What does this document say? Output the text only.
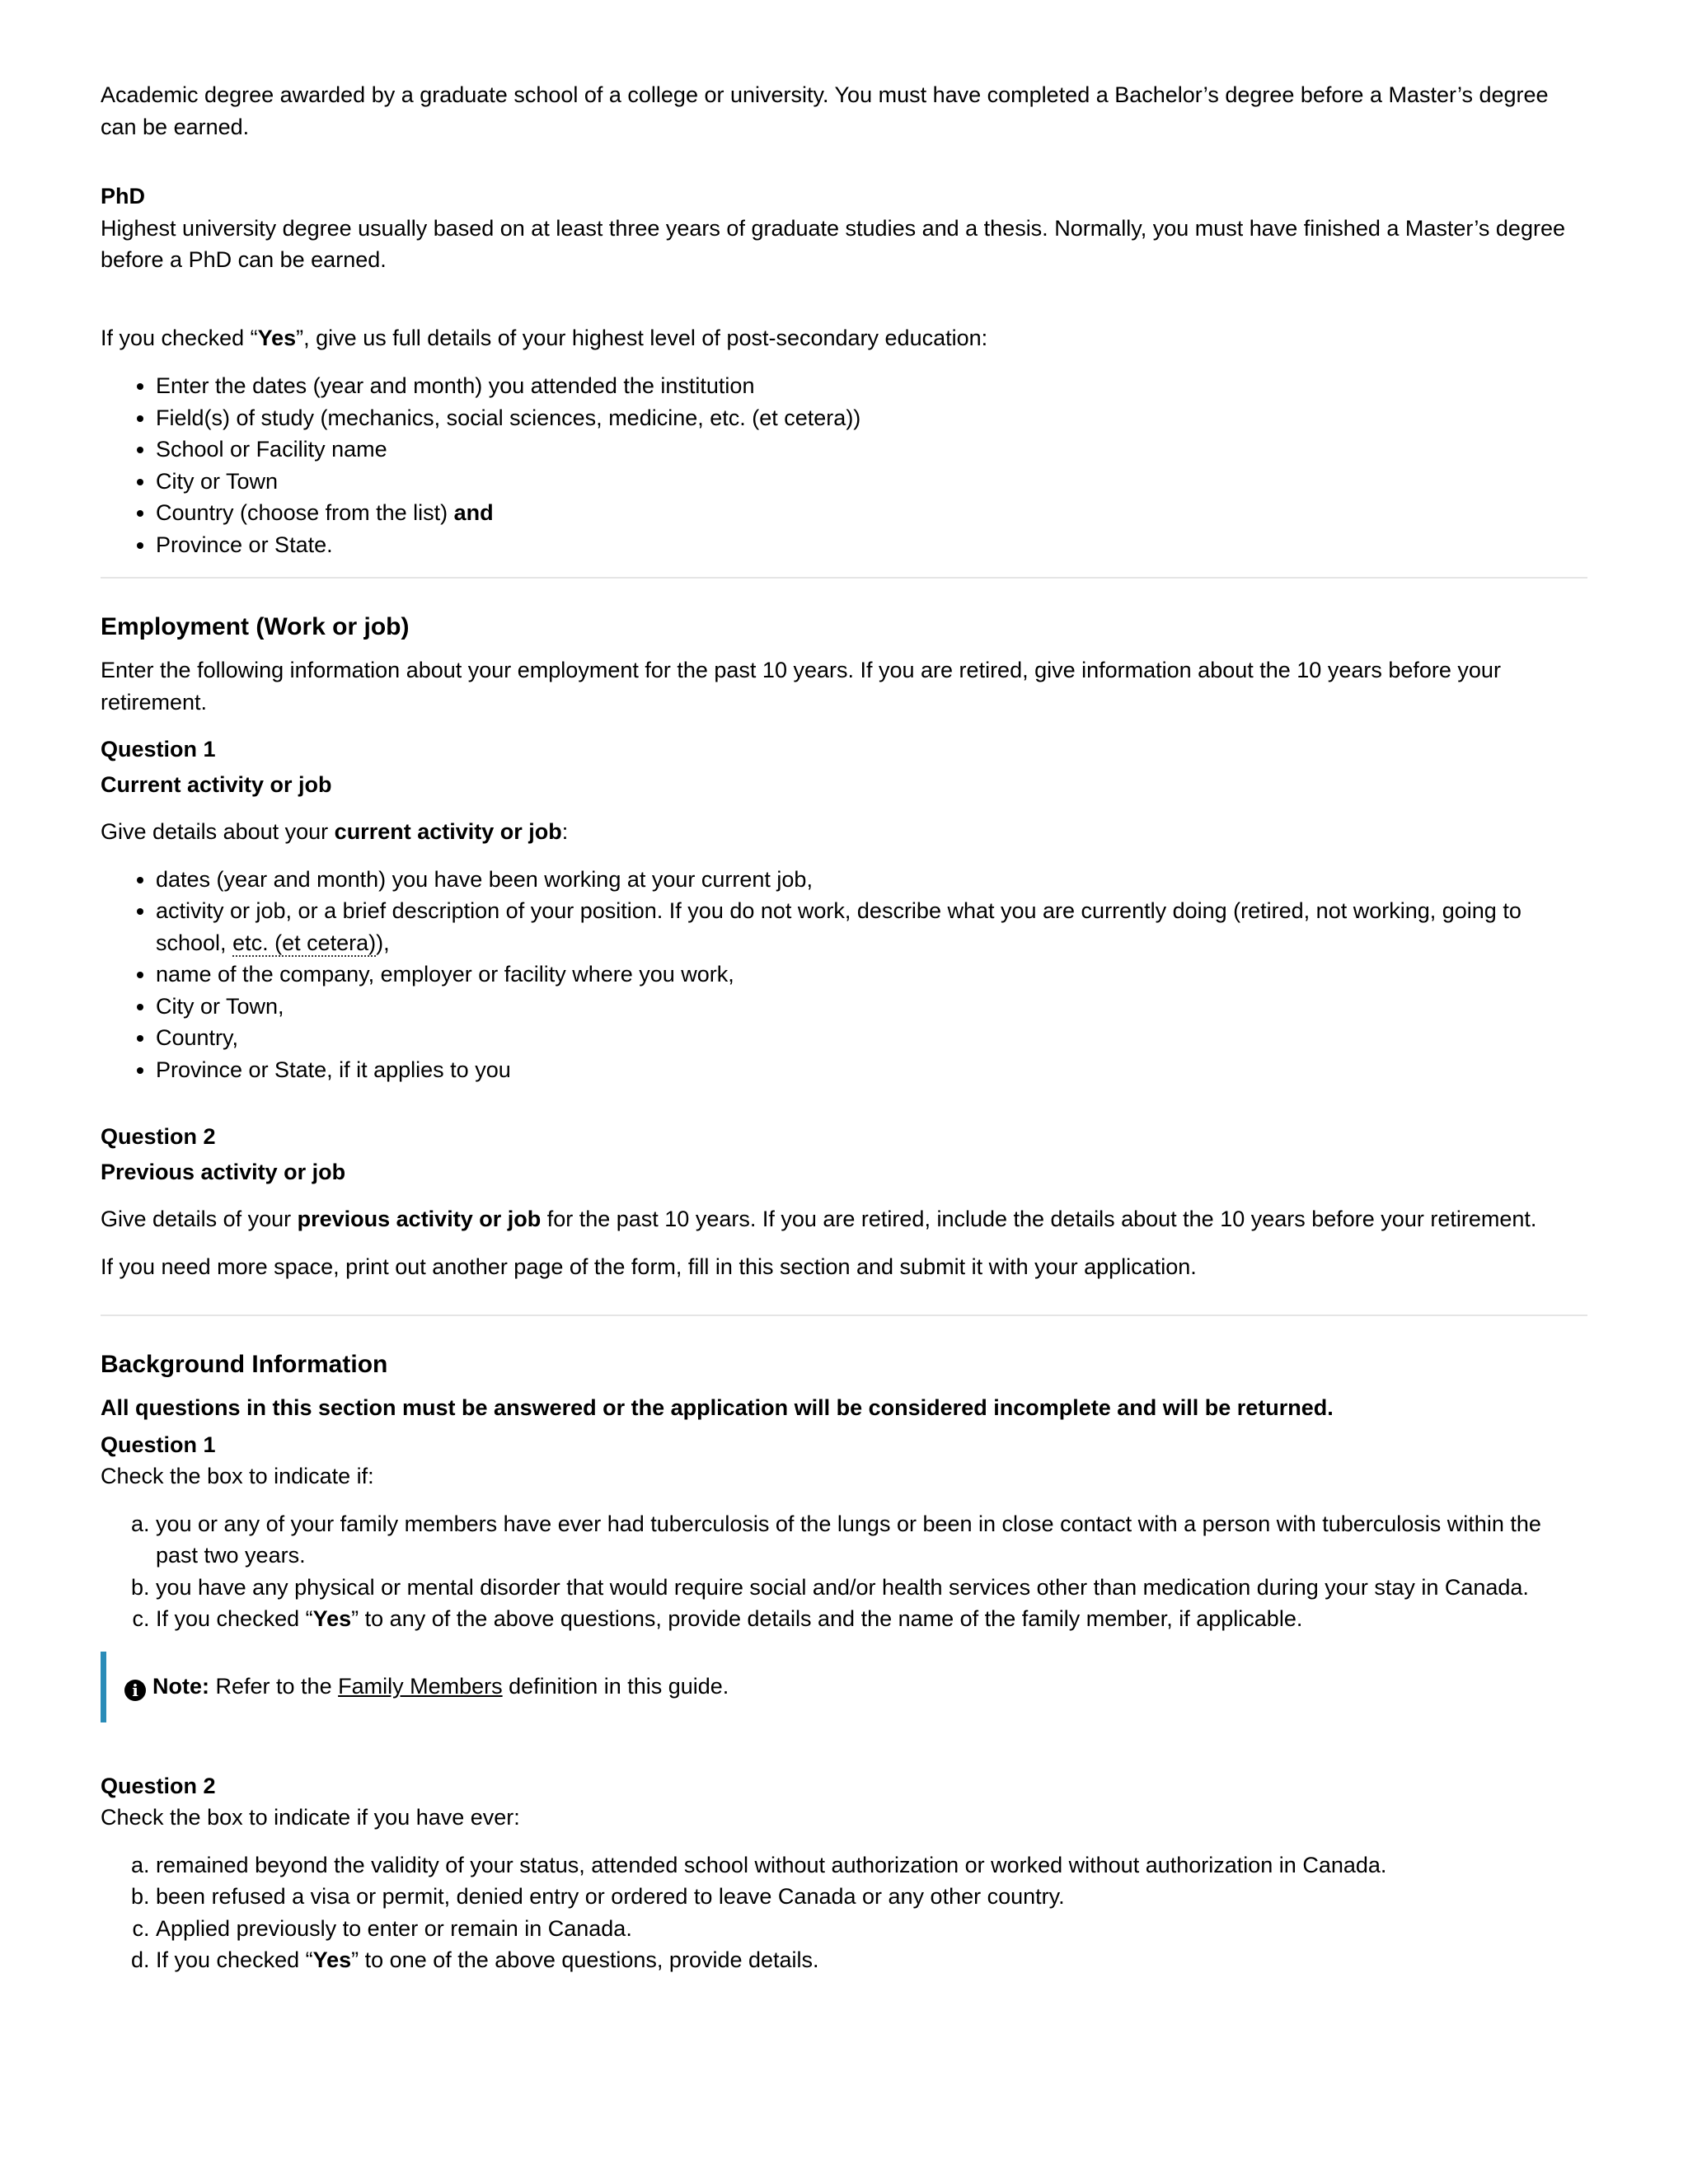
Academic degree awarded by a graduate school of a college or university. You must have completed a Bachelor’s degree before a Master’s degree can be earned.

PhD

Highest university degree usually based on at least three years of graduate studies and a thesis. Normally, you must have finished a Master’s degree before a PhD can be earned.

If you checked “Yes”, give us full details of your highest level of post-secondary education:

• Enter the dates (year and month) you attended the institution
• Field(s) of study (mechanics, social sciences, medicine, etc. (et cetera))
• School or Facility name
• City or Town
• Country (choose from the list) and
• Province or State.
Employment (Work or job)

Enter the following information about your employment for the past 10 years. If you are retired, give information about the 10 years before your retirement.

Question 1

Current activity or job

Give details about your current activity or job:

• dates (year and month) you have been working at your current job,
• activity or job, or a brief description of your position. If you do not work, describe what you are currently doing (retired, not working, going to school, etc. (et cetera)),
• name of the company, employer or facility where you work,
• City or Town,
• Country,
• Province or State, if it applies to you

Question 2

Previous activity or job

Give details of your previous activity or job for the past 10 years. If you are retired, include the details about the 10 years before your retirement.

If you need more space, print out another page of the form, fill in this section and submit it with your application.

Background Information

All questions in this section must be answered or the application will be considered incomplete and will be returned.

Question 1

Check the box to indicate if:

a. you or any of your family members have ever had tuberculosis of the lungs or been in close contact with a person with tuberculosis within the past two years.
b. you have any physical or mental disorder that would require social and/or health services other than medication during your stay in Canada.
c. If you checked “Yes” to any of the above questions, provide details and the name of the family member, if applicable.
i Note: Refer to the Family Members definition in this guide.

Question 2

Check the box to indicate if you have ever:

a. remained beyond the validity of your status, attended school without authorization or worked without authorization in Canada.
b. been refused a visa or permit, denied entry or ordered to leave Canada or any other country.
c. Applied previously to enter or remain in Canada.
d. If you checked “Yes” to one of the above questions, provide details.
